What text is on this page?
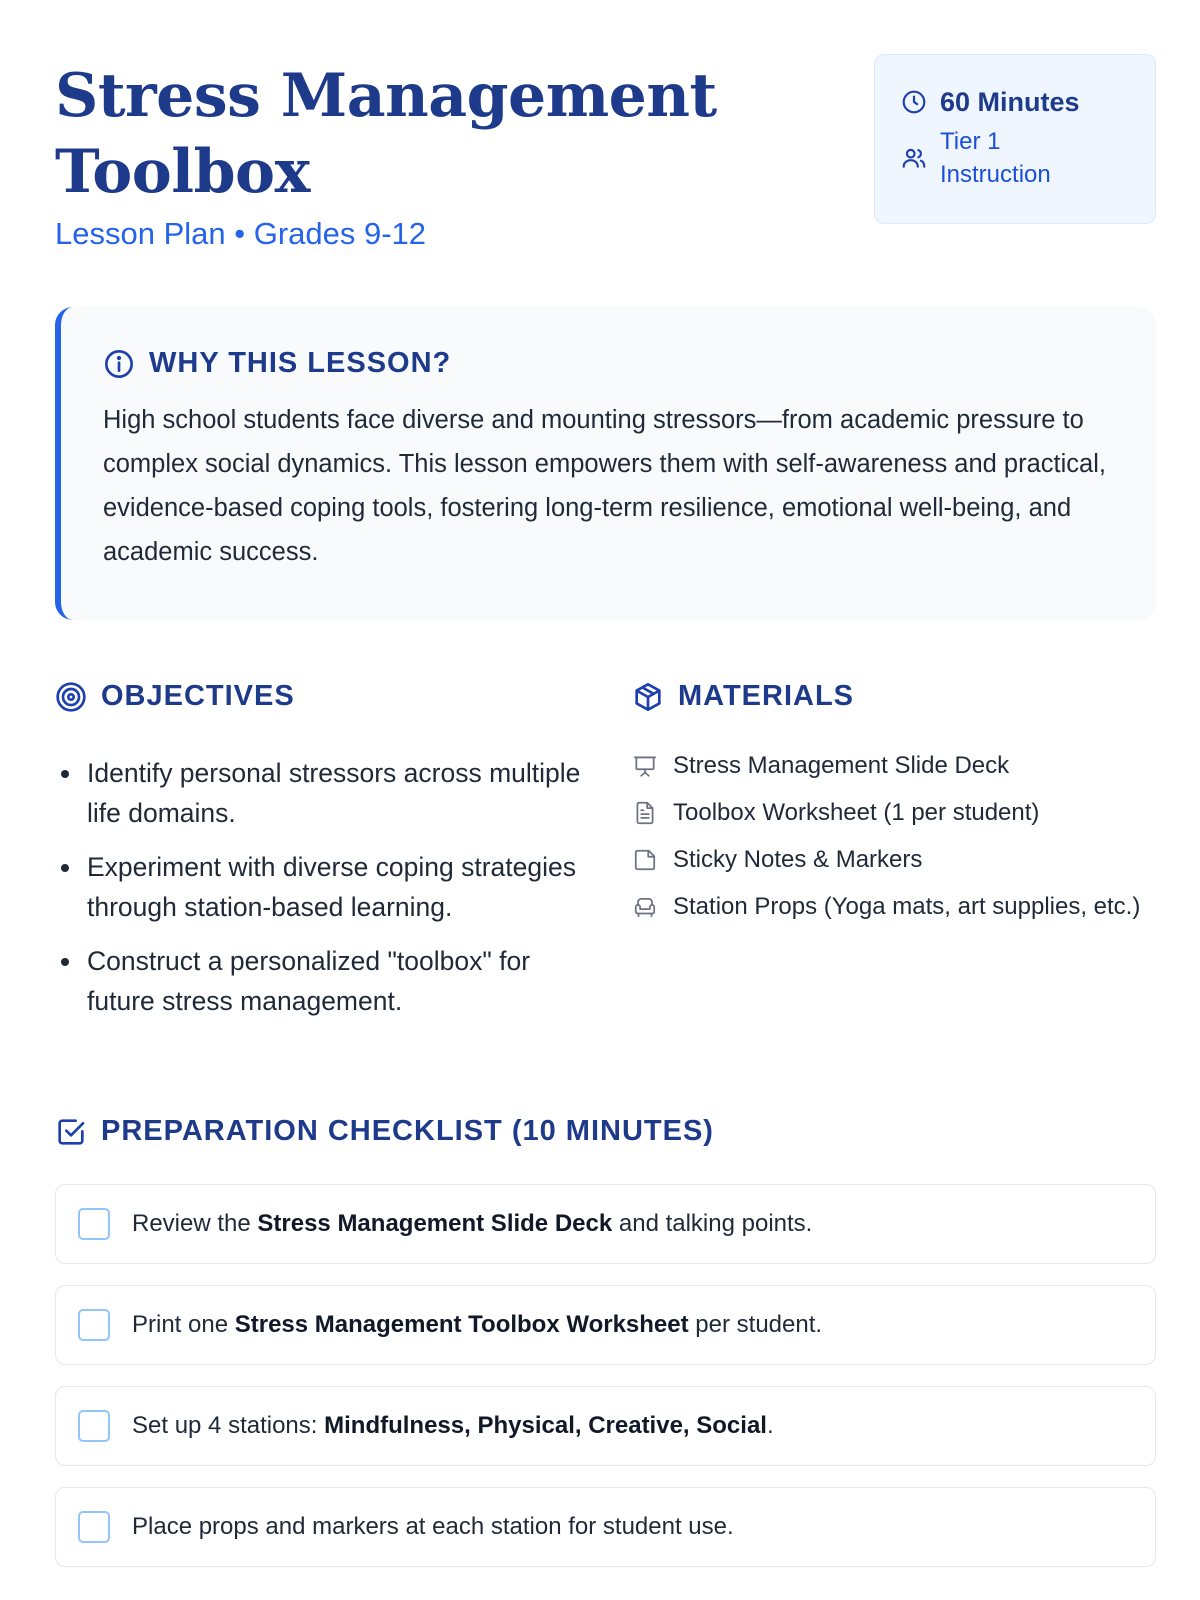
Stress Management
Toolbox
Lesson Plan • Grades 9-12
60 Minutes
Tier 1
Instruction
WHY THIS LESSON?

High school students face diverse and mounting stressors—from academic pressure to complex social dynamics. This lesson empowers them with self-awareness and practical, evidence-based coping tools, fostering long-term resilience, emotional well-being, and academic success.

OBJECTIVES
Identify personal stressors across multiple life domains.
Experiment with diverse coping strategies through station-based learning.
Construct a personalized "toolbox" for future stress management.
MATERIALS
Stress Management Slide Deck
Toolbox Worksheet (1 per student)
Sticky Notes & Markers
Station Props (Yoga mats, art supplies, etc.)
PREPARATION CHECKLIST (10 MINUTES)
Review the Stress Management Slide Deck and talking points.
Print one Stress Management Toolbox Worksheet per student.
Set up 4 stations: Mindfulness, Physical, Creative, Social.
Place props and markers at each station for student use.
